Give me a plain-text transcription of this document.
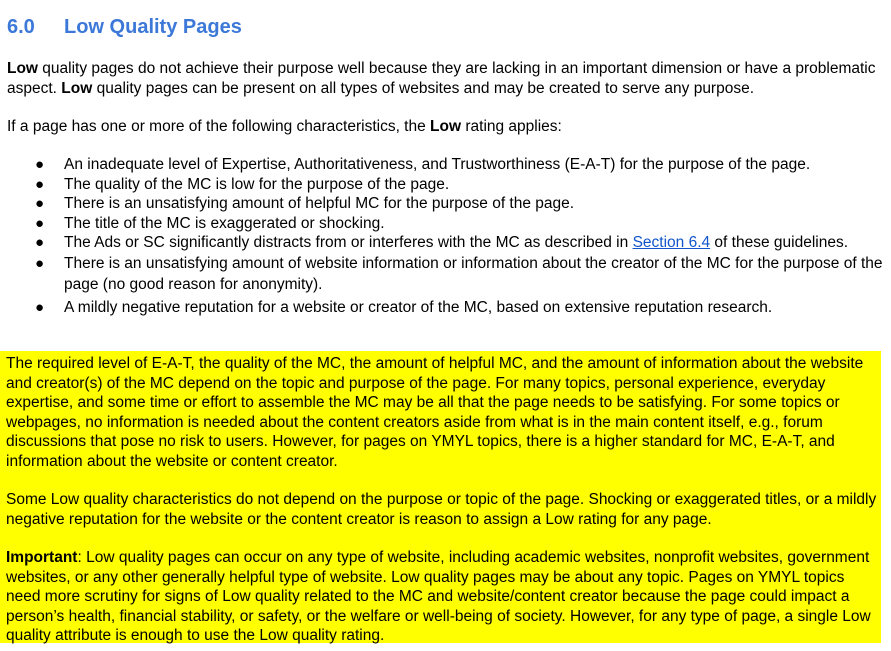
6.0 Low Quality Pages

Low quality pages do not achieve their purpose well because they are lacking in an important dimension or have a problematic aspect. Low quality pages can be present on all types of websites and may be created to serve any purpose.

If a page has one or more of the following characteristics, the Low rating applies:

● An inadequate level of Expertise, Authoritativeness, and Trustworthiness (E-A-T) for the purpose of the page.
● The quality of the MC is low for the purpose of the page.
● There is an unsatisfying amount of helpful MC for the purpose of the page.
● The title of the MC is exaggerated or shocking.
● The Ads or SC significantly distracts from or interferes with the MC as described in Section 6.4 of these guidelines.
● There is an unsatisfying amount of website information or information about the creator of the MC for the purpose of the page (no good reason for anonymity).
● A mildly negative reputation for a website or creator of the MC, based on extensive reputation research.

The required level of E-A-T, the quality of the MC, the amount of helpful MC, and the amount of information about the website and creator(s) of the MC depend on the topic and purpose of the page. For many topics, personal experience, everyday expertise, and some time or effort to assemble the MC may be all that the page needs to be satisfying. For some topics or webpages, no information is needed about the content creators aside from what is in the main content itself, e.g., forum discussions that pose no risk to users. However, for pages on YMYL topics, there is a higher standard for MC, E-A-T, and information about the website or content creator.

Some Low quality characteristics do not depend on the purpose or topic of the page. Shocking or exaggerated titles, or a mildly negative reputation for the website or the content creator is reason to assign a Low rating for any page.

Important: Low quality pages can occur on any type of website, including academic websites, nonprofit websites, government websites, or any other generally helpful type of website. Low quality pages may be about any topic. Pages on YMYL topics need more scrutiny for signs of Low quality related to the MC and website/content creator because the page could impact a person’s health, financial stability, or safety, or the welfare or well-being of society. However, for any type of page, a single Low quality attribute is enough to use the Low quality rating.
